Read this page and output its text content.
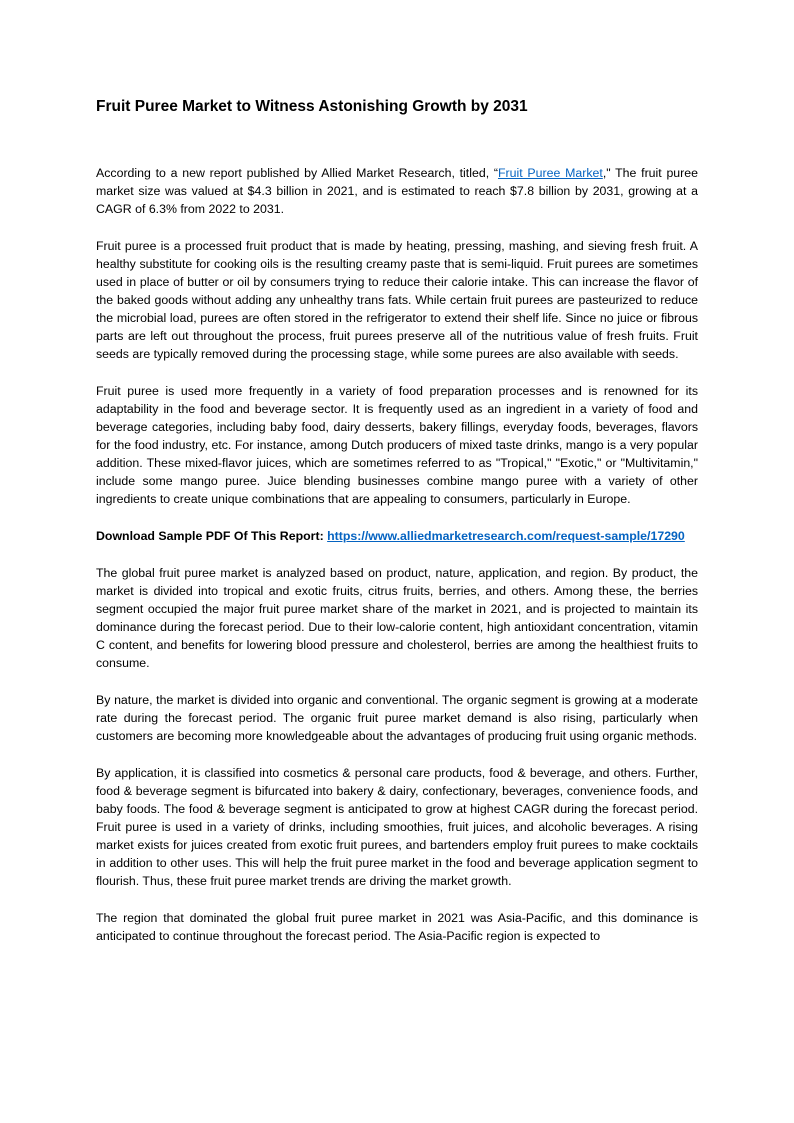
Fruit Puree Market to Witness Astonishing Growth by 2031

According to a new report published by Allied Market Research, titled, “Fruit Puree Market," The fruit puree market size was valued at $4.3 billion in 2021, and is estimated to reach $7.8 billion by 2031, growing at a CAGR of 6.3% from 2022 to 2031.

Fruit puree is a processed fruit product that is made by heating, pressing, mashing, and sieving fresh fruit. A healthy substitute for cooking oils is the resulting creamy paste that is semi-liquid. Fruit purees are sometimes used in place of butter or oil by consumers trying to reduce their calorie intake. This can increase the flavor of the baked goods without adding any unhealthy trans fats. While certain fruit purees are pasteurized to reduce the microbial load, purees are often stored in the refrigerator to extend their shelf life. Since no juice or fibrous parts are left out throughout the process, fruit purees preserve all of the nutritious value of fresh fruits. Fruit seeds are typically removed during the processing stage, while some purees are also available with seeds.

Fruit puree is used more frequently in a variety of food preparation processes and is renowned for its adaptability in the food and beverage sector. It is frequently used as an ingredient in a variety of food and beverage categories, including baby food, dairy desserts, bakery fillings, everyday foods, beverages, flavors for the food industry, etc. For instance, among Dutch producers of mixed taste drinks, mango is a very popular addition. These mixed-flavor juices, which are sometimes referred to as "Tropical," "Exotic," or "Multivitamin," include some mango puree. Juice blending businesses combine mango puree with a variety of other ingredients to create unique combinations that are appealing to consumers, particularly in Europe.

Download Sample PDF Of This Report: https://www.alliedmarketresearch.com/request-sample/17290

The global fruit puree market is analyzed based on product, nature, application, and region. By product, the market is divided into tropical and exotic fruits, citrus fruits, berries, and others. Among these, the berries segment occupied the major fruit puree market share of the market in 2021, and is projected to maintain its dominance during the forecast period. Due to their low-calorie content, high antioxidant concentration, vitamin C content, and benefits for lowering blood pressure and cholesterol, berries are among the healthiest fruits to consume.

By nature, the market is divided into organic and conventional. The organic segment is growing at a moderate rate during the forecast period. The organic fruit puree market demand is also rising, particularly when customers are becoming more knowledgeable about the advantages of producing fruit using organic methods.

By application, it is classified into cosmetics & personal care products, food & beverage, and others. Further, food & beverage segment is bifurcated into bakery & dairy, confectionary, beverages, convenience foods, and baby foods. The food & beverage segment is anticipated to grow at highest CAGR during the forecast period. Fruit puree is used in a variety of drinks, including smoothies, fruit juices, and alcoholic beverages. A rising market exists for juices created from exotic fruit purees, and bartenders employ fruit purees to make cocktails in addition to other uses. This will help the fruit puree market in the food and beverage application segment to flourish. Thus, these fruit puree market trends are driving the market growth.

The region that dominated the global fruit puree market in 2021 was Asia-Pacific, and this dominance is anticipated to continue throughout the forecast period. The Asia-Pacific region is expected to
